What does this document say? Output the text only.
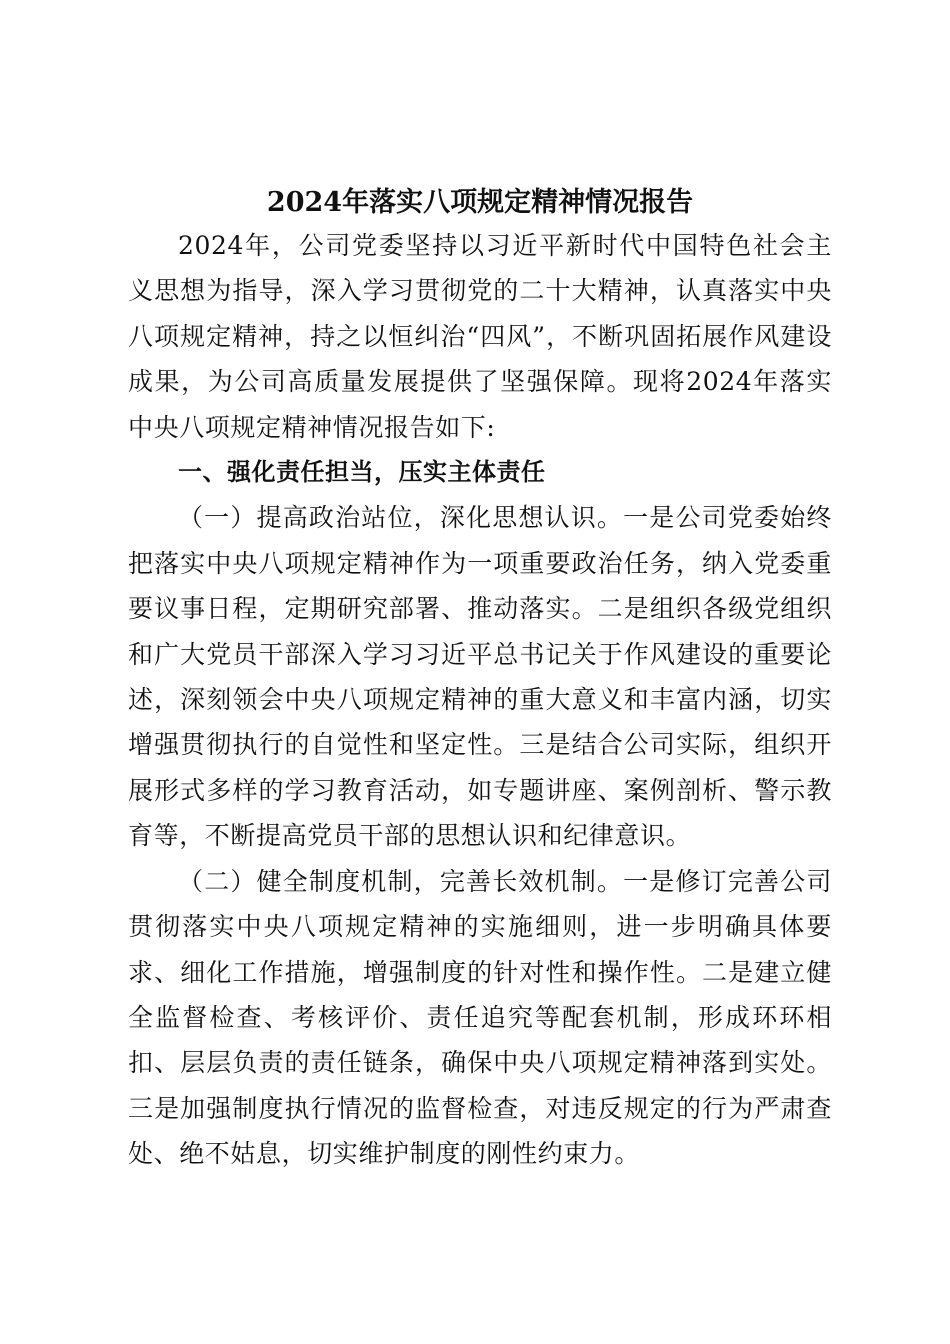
2024年落实八项规定精神情况报告

2024年，公司党委坚持以习近平新时代中国特色社会主义思想为指导，深入学习贯彻党的二十大精神，认真落实中央八项规定精神，持之以恒纠治“四风”，不断巩固拓展作风建设成果，为公司高质量发展提供了坚强保障。现将2024年落实中央八项规定精神情况报告如下:

一、强化责任担当，压实主体责任

（一）提高政治站位，深化思想认识。一是公司党委始终把落实中央八项规定精神作为一项重要政治任务，纳入党委重要议事日程，定期研究部署、推动落实。二是组织各级党组织和广大党员干部深入学习习近平总书记关于作风建设的重要论述，深刻领会中央八项规定精神的重大意义和丰富内涵，切实增强贯彻执行的自觉性和坚定性。三是结合公司实际，组织开展形式多样的学习教育活动，如专题讲座、案例剖析、警示教育等，不断提高党员干部的思想认识和纪律意识。

（二）健全制度机制，完善长效机制。一是修订完善公司贯彻落实中央八项规定精神的实施细则，进一步明确具体要求、细化工作措施，增强制度的针对性和操作性。二是建立健全监督检查、考核评价、责任追究等配套机制，形成环环相扣、层层负责的责任链条，确保中央八项规定精神落到实处。三是加强制度执行情况的监督检查，对违反规定的行为严肃查处、绝不姑息，切实维护制度的刚性约束力。
